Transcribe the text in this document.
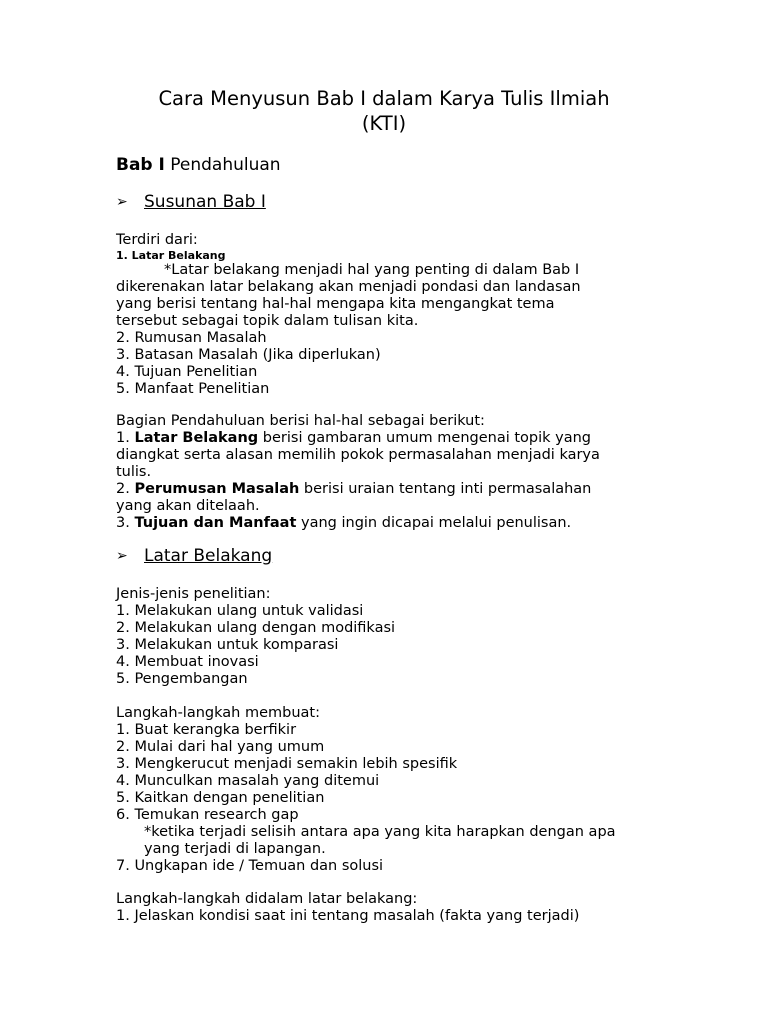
Cara Menyusun Bab I dalam Karya Tulis Ilmiah
(KTI)
Bab I Pendahuluan
➢ Susunan Bab I
Terdiri dari:
1. Latar Belakang
*Latar belakang menjadi hal yang penting di dalam Bab I
dikerenakan latar belakang akan menjadi pondasi dan landasan
yang berisi tentang hal-hal mengapa kita mengangkat tema
tersebut sebagai topik dalam tulisan kita.
2. Rumusan Masalah
3. Batasan Masalah (Jika diperlukan)
4. Tujuan Penelitian
5. Manfaat Penelitian
Bagian Pendahuluan berisi hal-hal sebagai berikut:
1. Latar Belakang berisi gambaran umum mengenai topik yang
diangkat serta alasan memilih pokok permasalahan menjadi karya
tulis.
2. Perumusan Masalah berisi uraian tentang inti permasalahan
yang akan ditelaah.
3. Tujuan dan Manfaat yang ingin dicapai melalui penulisan.
➢ Latar Belakang
Jenis-jenis penelitian:
1. Melakukan ulang untuk validasi
2. Melakukan ulang dengan modifikasi
3. Melakukan untuk komparasi
4. Membuat inovasi
5. Pengembangan
Langkah-langkah membuat:
1. Buat kerangka berfikir
2. Mulai dari hal yang umum
3. Mengkerucut menjadi semakin lebih spesifik
4. Munculkan masalah yang ditemui
5. Kaitkan dengan penelitian
6. Temukan research gap
*ketika terjadi selisih antara apa yang kita harapkan dengan apa
yang terjadi di lapangan.
7. Ungkapan ide / Temuan dan solusi
Langkah-langkah didalam latar belakang:
1. Jelaskan kondisi saat ini tentang masalah (fakta yang terjadi)
